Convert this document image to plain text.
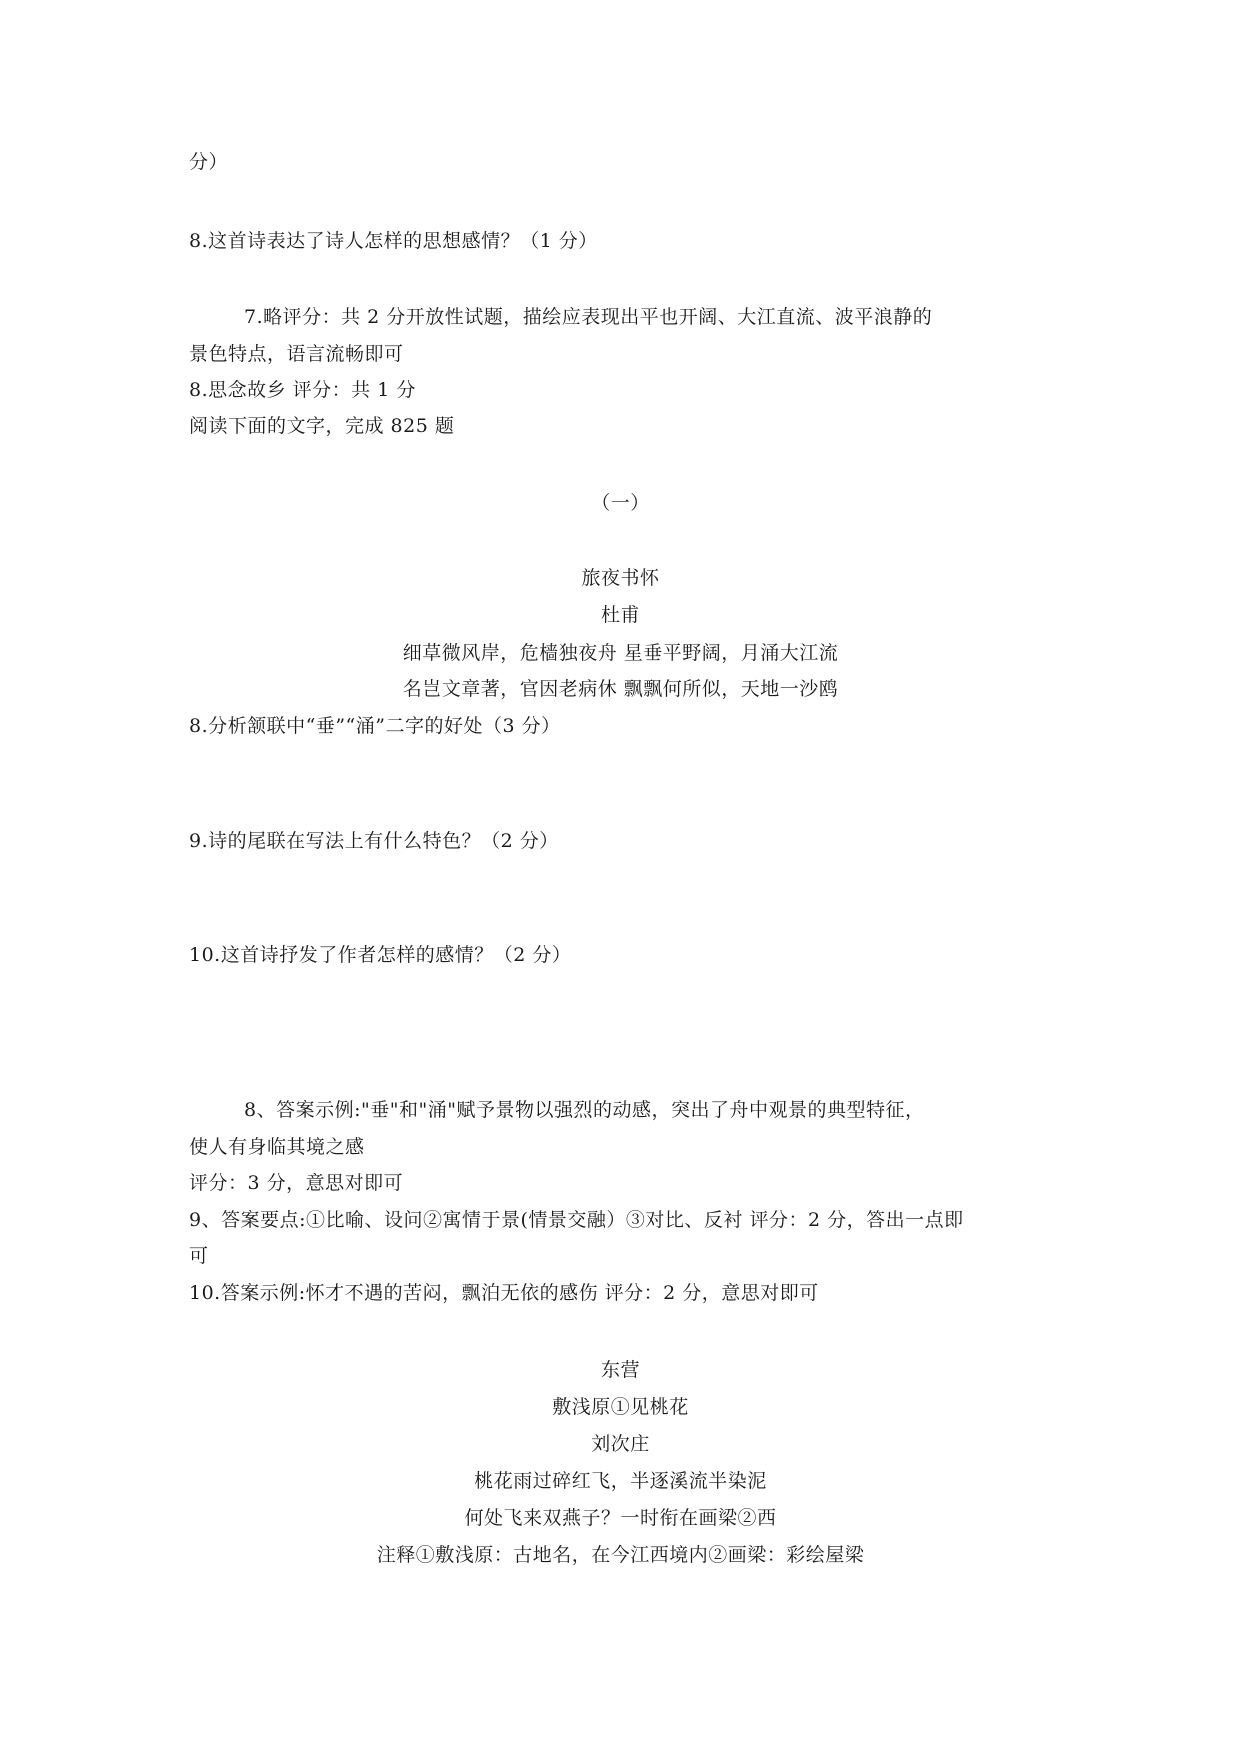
分）
8.这首诗表达了诗人怎样的思想感情？（1 分）
7.略评分：共 2 分开放性试题，描绘应表现出平也开阔、大江直流、波平浪静的
景色特点，语言流畅即可
8.思念故乡 评分：共 1 分
阅读下面的文字，完成 825 题
（一）
旅夜书怀
杜甫
细草微风岸，危樯独夜舟 星垂平野阔，月涌大江流
名岂文章著，官因老病休 飘飘何所似，天地一沙鸥
8.分析颔联中“垂”“涌”二字的好处（3 分）
9.诗的尾联在写法上有什么特色？（2 分）
10.这首诗抒发了作者怎样的感情？（2 分）
8、答案示例:"垂"和"涌"赋予景物以强烈的动感，突出了舟中观景的典型特征，
使人有身临其境之感
评分：3 分，意思对即可
9、答案要点:①比喻、设问②寓情于景(情景交融）③对比、反衬 评分：2 分，答出一点即
可
10.答案示例:怀才不遇的苦闷，飘泊无依的感伤 评分：2 分，意思对即可
东营
敷浅原①见桃花
刘次庄
桃花雨过碎红飞，半逐溪流半染泥
何处飞来双燕子？一时衔在画梁②西
注释①敷浅原：古地名，在今江西境内②画梁：彩绘屋梁
